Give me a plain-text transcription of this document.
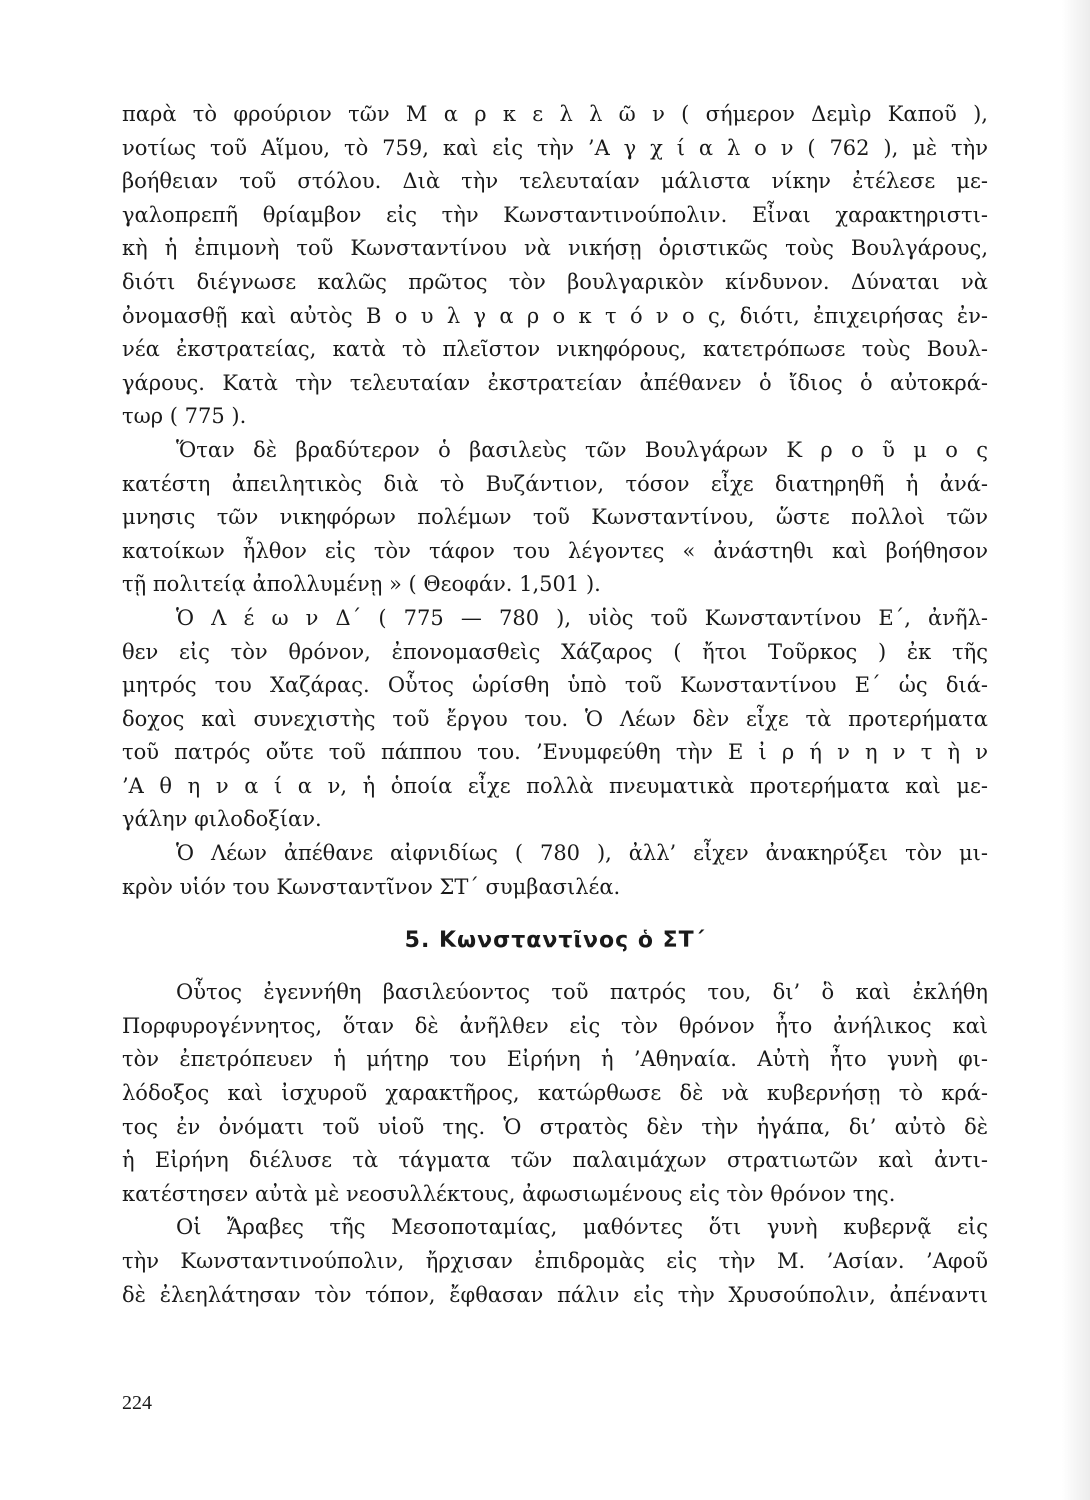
παρὰ τὸ φρούριον τῶν Μ α ρ κ ε λ λ ῶ ν ( σήμερον Δεμὶρ Καποῦ ),
νοτίως τοῦ Αἵμου, τὸ 759, καὶ εἰς τὴν ’Α γ χ ί α λ ο ν ( 762 ), μὲ τὴν
βοήθειαν τοῦ στόλου. Διὰ τὴν τελευταίαν μάλιστα νίκην ἐτέλεσε με-
γαλοπρεπῆ θρίαμβον εἰς τὴν Κωνσταντινούπολιν. Εἶναι χαρακτηριστι-
κὴ ἡ ἐπιμονὴ τοῦ Κωνσταντίνου νὰ νικήσῃ ὁριστικῶς τοὺς Βουλγάρους,
διότι διέγνωσε καλῶς πρῶτος τὸν βουλγαρικὸν κίνδυνον. Δύναται νὰ
ὀνομασθῇ καὶ αὐτὸς Β ο υ λ γ α ρ ο κ τ ό ν ο ς, διότι, ἐπιχειρήσας ἐν-
νέα ἐκστρατείας, κατὰ τὸ πλεῖστον νικηφόρους, κατετρόπωσε τοὺς Βουλ-
γάρους. Κατὰ τὴν τελευταίαν ἐκστρατείαν ἀπέθανεν ὁ ἴδιος ὁ αὐτοκρά-
τωρ ( 775 ).
Ὅταν δὲ βραδύτερον ὁ βασιλεὺς τῶν Βουλγάρων Κ ρ ο ῦ μ ο ς
κατέστη ἀπειλητικὸς διὰ τὸ Βυζάντιον, τόσον εἶχε διατηρηθῆ ἡ ἀνά-
μνησις τῶν νικηφόρων πολέμων τοῦ Κωνσταντίνου, ὥστε πολλοὶ τῶν
κατοίκων ἦλθον εἰς τὸν τάφον του λέγοντες « ἀνάστηθι καὶ βοήθησον
τῇ πολιτείᾳ ἀπολλυμένῃ » ( Θεοφάν. 1,501 ).
Ὁ Λ έ ω ν Δ΄ ( 775 — 780 ), υἱὸς τοῦ Κωνσταντίνου Ε΄, ἀνῆλ-
θεν εἰς τὸν θρόνον, ἐπονομασθεὶς Χάζαρος ( ἤτοι Τοῦρκος ) ἐκ τῆς
μητρός του Χαζάρας. Οὗτος ὡρίσθη ὑπὸ τοῦ Κωνσταντίνου Ε΄ ὡς διά-
δοχος καὶ συνεχιστὴς τοῦ ἔργου του. Ὁ Λέων δὲν εἶχε τὰ προτερήματα
τοῦ πατρός οὔτε τοῦ πάππου του. ’Ενυμφεύθη τὴν Ε ἰ ρ ή ν η ν τ ὴ ν
’Α θ η ν α ί α ν, ἡ ὁποία εἶχε πολλὰ πνευματικὰ προτερήματα καὶ με-
γάλην φιλοδοξίαν.
Ὁ Λέων ἀπέθανε αἰφνιδίως ( 780 ), ἀλλ’ εἶχεν ἀνακηρύξει τὸν μι-
κρὸν υἱόν του Κωνσταντῖνον ΣΤ΄ συμβασιλέα.
5. Κωνσταντῖνος ὁ ΣΤ΄
Οὗτος ἐγεννήθη βασιλεύοντος τοῦ πατρός του, δι’ ὃ καὶ ἐκλήθη
Πορφυρογέννητος, ὅταν δὲ ἀνῆλθεν εἰς τὸν θρόνον ἦτο ἀνήλικος καὶ
τὸν ἐπετρόπευεν ἡ μήτηρ του Εἰρήνη ἡ ’Αθηναία. Αὐτὴ ἦτο γυνὴ φι-
λόδοξος καὶ ἰσχυροῦ χαρακτῆρος, κατώρθωσε δὲ νὰ κυβερνήσῃ τὸ κρά-
τος ἐν ὀνόματι τοῦ υἱοῦ της. Ὁ στρατὸς δὲν τὴν ἠγάπα, δι’ αὐτὸ δὲ
ἡ Εἰρήνη διέλυσε τὰ τάγματα τῶν παλαιμάχων στρατιωτῶν καὶ ἀντι-
κατέστησεν αὐτὰ μὲ νεοσυλλέκτους, ἀφωσιωμένους εἰς τὸν θρόνον της.
Οἱ Ἄραβες τῆς Μεσοποταμίας, μαθόντες ὅτι γυνὴ κυβερνᾷ εἰς
τὴν Κωνσταντινούπολιν, ἤρχισαν ἐπιδρομὰς εἰς τὴν Μ. ’Ασίαν. ’Αφοῦ
δὲ ἐλεηλάτησαν τὸν τόπον, ἔφθασαν πάλιν εἰς τὴν Χρυσούπολιν, ἀπέναντι
224
